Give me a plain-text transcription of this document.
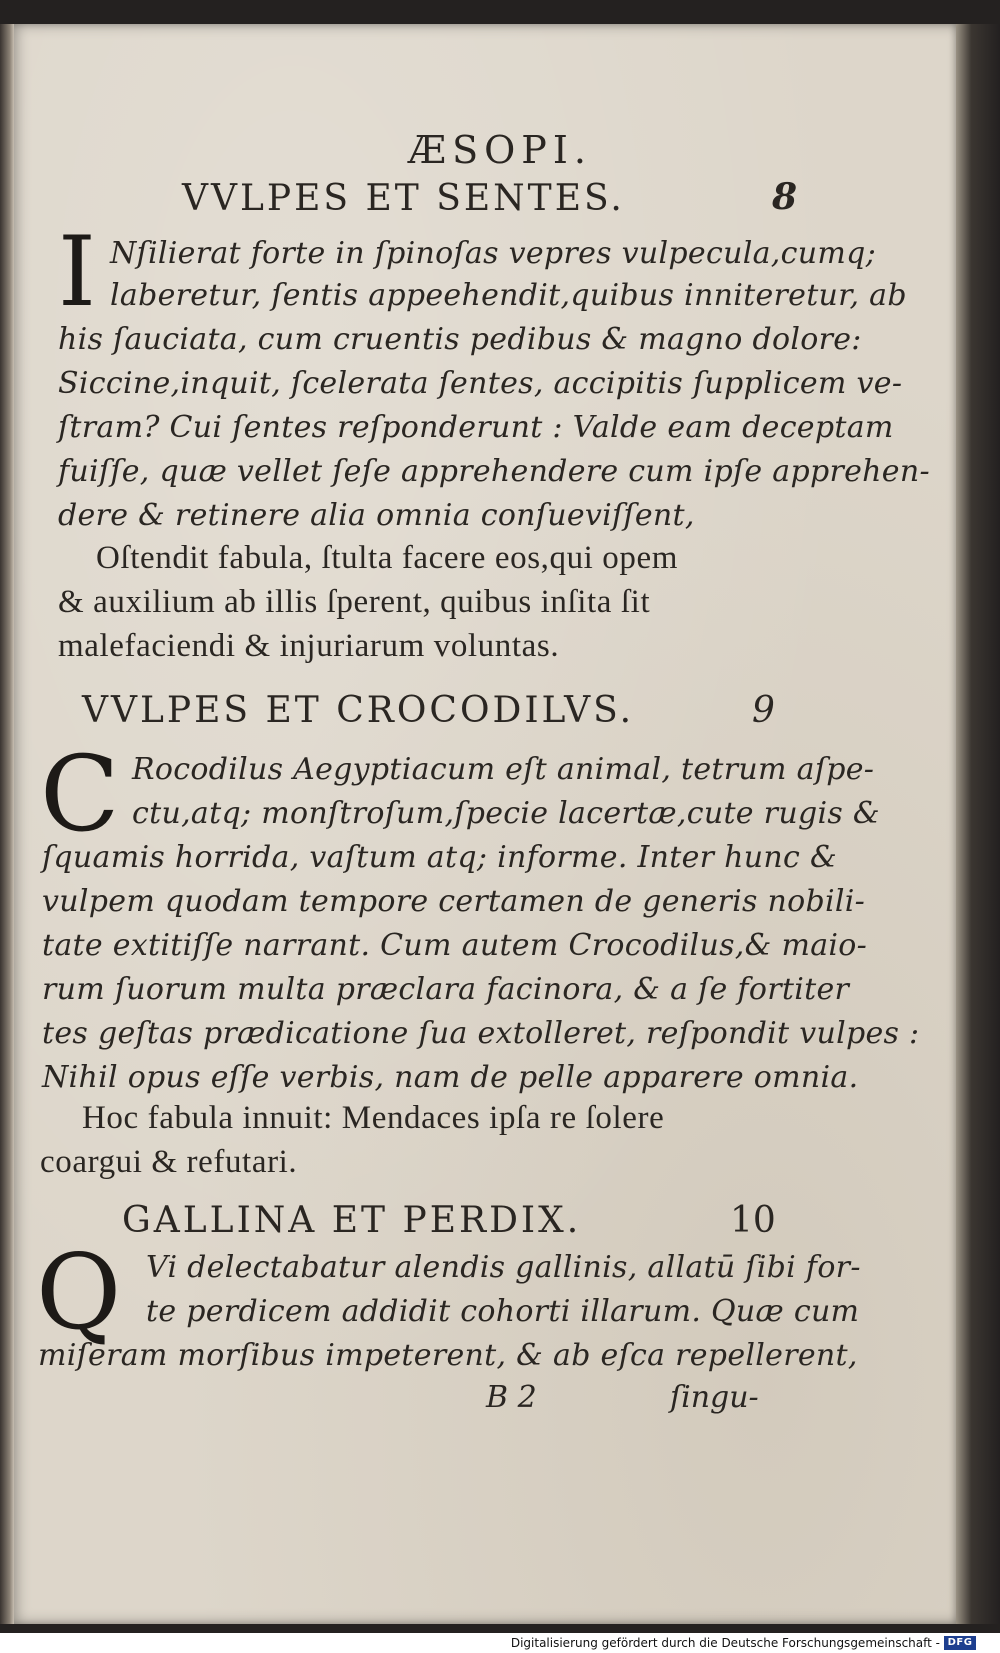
ÆSOPI.
VVLPES ET SENTES.	8
I Nſilierat forte in ſpinoſas vepres vulpecula,cumq;
laberetur, ſentis appeehendit,quibus inniteretur, ab
his ſauciata, cum cruentis pedibus & magno dolore:
Siccine,inquit, ſcelerata ſentes, accipitis ſupplicem ve-
ſtram? Cui ſentes reſponderunt : Valde eam deceptam
fuiſſe, quæ vellet ſeſe apprehendere cum ipſe apprehen-
dere & retinere alia omnia conſueviſſent,
Oſtendit fabula, ſtulta facere eos,qui opem
& auxilium ab illis ſperent, quibus inſita ſit
malefaciendi & injuriarum voluntas.
VVLPES ET CROCODILVS.	9
C Rocodilus Aegyptiacum eſt animal, tetrum aſpe-
ctu,atq; monſtroſum,ſpecie lacertæ,cute rugis &
ſquamis horrida, vaſtum atq; informe. Inter hunc &
vulpem quodam tempore certamen de generis nobili-
tate extitiſſe narrant. Cum autem Crocodilus,& maio-
rum ſuorum multa præclara facinora, & a ſe fortiter
tes geſtas prædicatione ſua extolleret, reſpondit vulpes :
Nihil opus eſſe verbis, nam de pelle apparere omnia.
Hoc fabula innuit: Mendaces ipſa re ſolere
coargui & refutari.
GALLINA ET PERDIX.	10
Q Vi delectabatur alendis gallinis, allatū ſibi for-
te perdicem addidit cohorti illarum. Quæ cum
miſeram morſibus impeterent, & ab eſca repellerent,
B 2	ſingu-
Digitalisierung gefördert durch die Deutsche Forschungsgemeinschaft - DFG
